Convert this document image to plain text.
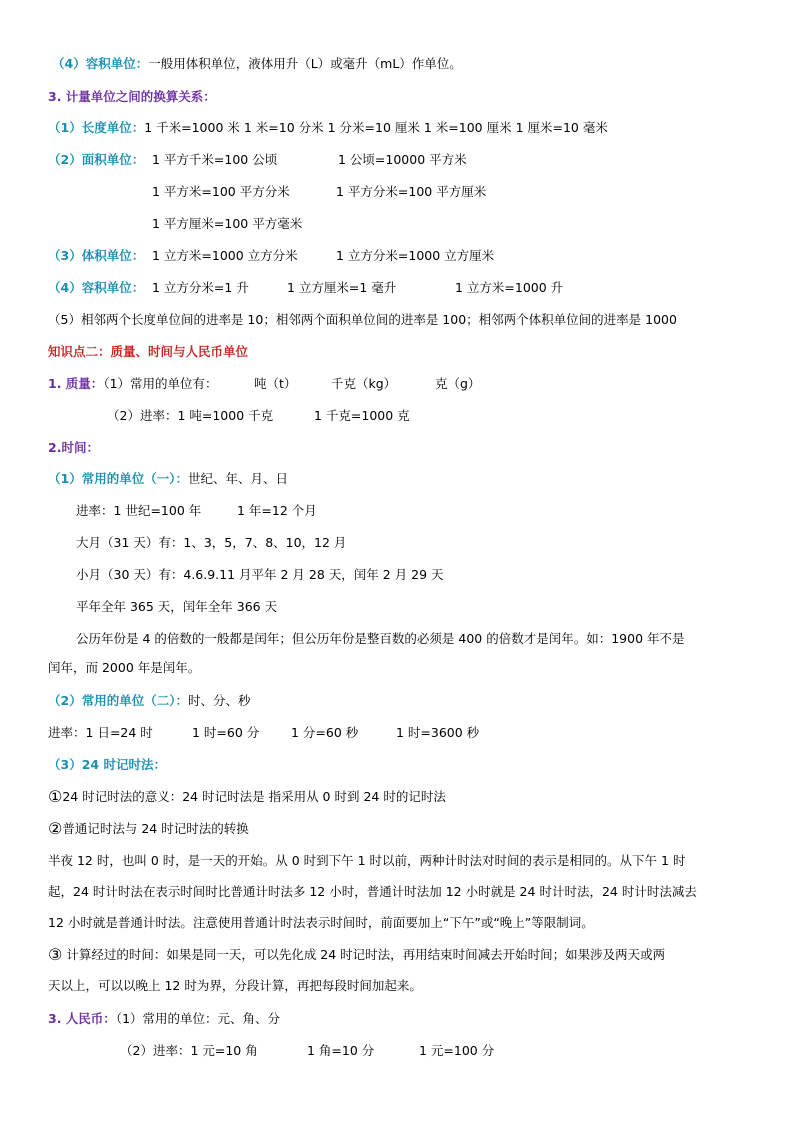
（4）容积单位：一般用体积单位，液体用升（L）或毫升（mL）作单位。
3. 计量单位之间的换算关系：
（1）长度单位：1 千米=1000 米 1 米=10 分米 1 分米=10 厘米 1 米=100 厘米 1 厘米=10 毫米
（2）面积单位： 1 平方千米=100 公顷	1 公顷=10000 平方米
1 平方米=100 平方分米	1 平方分米=100 平方厘米
1 平方厘米=100 平方毫米
（3）体积单位： 1 立方米=1000 立方分米	1 立方分米=1000 立方厘米
（4）容积单位： 1 立方分米=1 升	1 立方厘米=1 毫升	1 立方米=1000 升
（5）相邻两个长度单位间的进率是 10；相邻两个面积单位间的进率是 100；相邻两个体积单位间的进率是 1000
知识点二：质量、时间与人民币单位
1. 质量：（1）常用的单位有：	吨（t）	千克（kg）	克（g）
（2）进率：1 吨=1000 千克	1 千克=1000 克
2.时间：
（1）常用的单位（一）：世纪、年、月、日
进率：1 世纪=100 年	1 年=12 个月
大月（31 天）有：1、3，5，7、8、10，12 月
小月（30 天）有：4.6.9.11 月平年 2 月 28 天，闰年 2 月 29 天
平年全年 365 天，闰年全年 366 天
公历年份是 4 的倍数的一般都是闰年；但公历年份是整百数的必须是 400 的倍数才是闰年。如：1900 年不是
闰年，而 2000 年是闰年。
（2）常用的单位（二）：时、分、秒
进率：1 日=24 时	1 时=60 分	1 分=60 秒	1 时=3600 秒
（3）24 时记时法：
①24 时记时法的意义：24 时记时法是 指采用从 0 时到 24 时的记时法
②普通记时法与 24 时记时法的转换
半夜 12 时，也叫 0 时，是一天的开始。从 0 时到下午 1 时以前，两种计时法对时间的表示是相同的。从下午 1 时
起，24 时计时法在表示时间时比普通计时法多 12 小时，普通计时法加 12 小时就是 24 时计时法，24 时计时法减去
12 小时就是普通计时法。注意使用普通计时法表示时间时，前面要加上“下午”或“晚上”等限制词。
③ 计算经过的时间：如果是同一天，可以先化成 24 时记时法，再用结束时间减去开始时间；如果涉及两天或两
天以上，可以以晚上 12 时为界，分段计算，再把每段时间加起来。
3. 人民币：（1）常用的单位：元、角、分
（2）进率：1 元=10 角	1 角=10 分	1 元=100 分
